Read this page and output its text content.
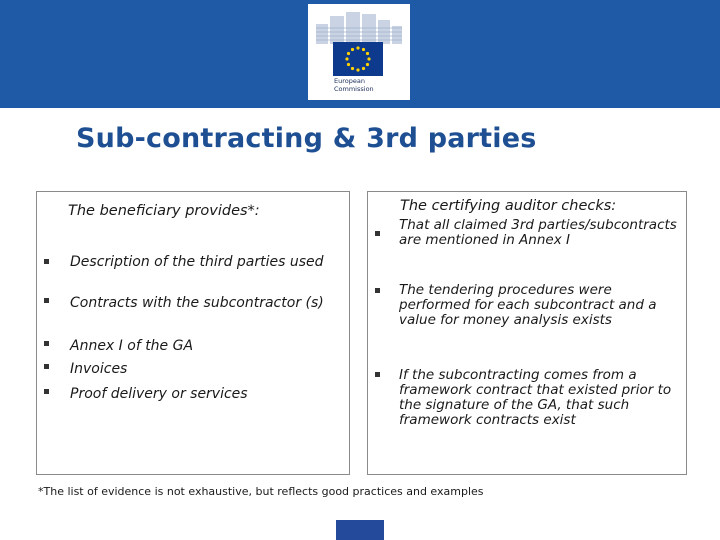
European
Commission
Sub-contracting & 3rd parties
The beneficiary provides*:
Description of the third parties used
Contracts with the subcontractor (s)
Annex I of the GA
Invoices
Proof delivery or services
The certifying auditor checks:
That all claimed 3rd parties/subcontracts are mentioned in Annex I
The tendering procedures were performed for each subcontract and a value for money analysis exists
If the subcontracting comes from a framework contract that existed prior to the signature of the GA, that such framework contracts exist
*The list of evidence is not exhaustive, but reflects good practices and examples
